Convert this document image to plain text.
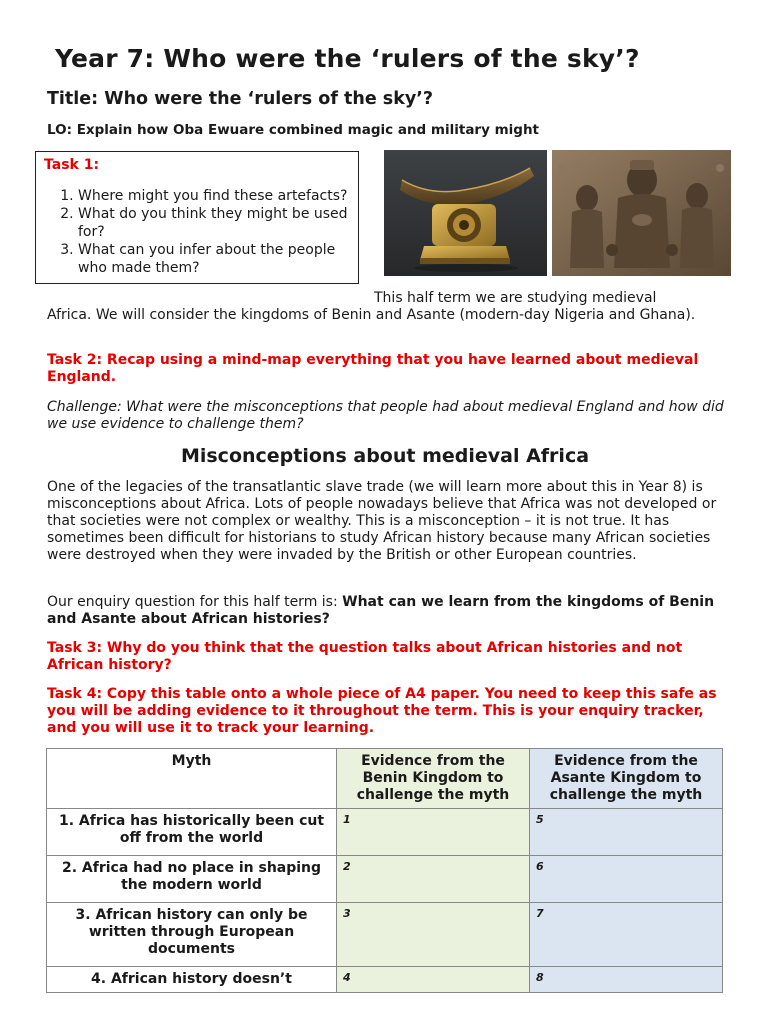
Year 7: Who were the ‘rulers of the sky’?
Title: Who were the ‘rulers of the sky’?
LO: Explain how Oba Ewuare combined magic and military might
Task 1:
1. Where might you find these artefacts?
2. What do you think they might be used for?
3. What can you infer about the people who made them?
This half term we are studying medieval
Africa. We will consider the kingdoms of Benin and Asante (modern-day Nigeria and Ghana).
Task 2: Recap using a mind-map everything that you have learned about medieval England.
Challenge: What were the misconceptions that people had about medieval England and how did we use evidence to challenge them?
Misconceptions about medieval Africa
One of the legacies of the transatlantic slave trade (we will learn more about this in Year 8) is misconceptions about Africa. Lots of people nowadays believe that Africa was not developed or that societies were not complex or wealthy. This is a misconception – it is not true. It has sometimes been difficult for historians to study African history because many African societies were destroyed when they were invaded by the British or other European countries.
Our enquiry question for this half term is: What can we learn from the kingdoms of Benin and Asante about African histories?
Task 3: Why do you think that the question talks about African histories and not African history?
Task 4: Copy this table onto a whole piece of A4 paper. You need to keep this safe as you will be adding evidence to it throughout the term. This is your enquiry tracker, and you will use it to track your learning.
Myth	Evidence from the Benin Kingdom to challenge the myth	Evidence from the Asante Kingdom to challenge the myth
1. Africa has historically been cut off from the world	1	5
2. Africa had no place in shaping the modern world	2	6
3. African history can only be written through European documents	3	7
4. African history doesn’t	4	8
